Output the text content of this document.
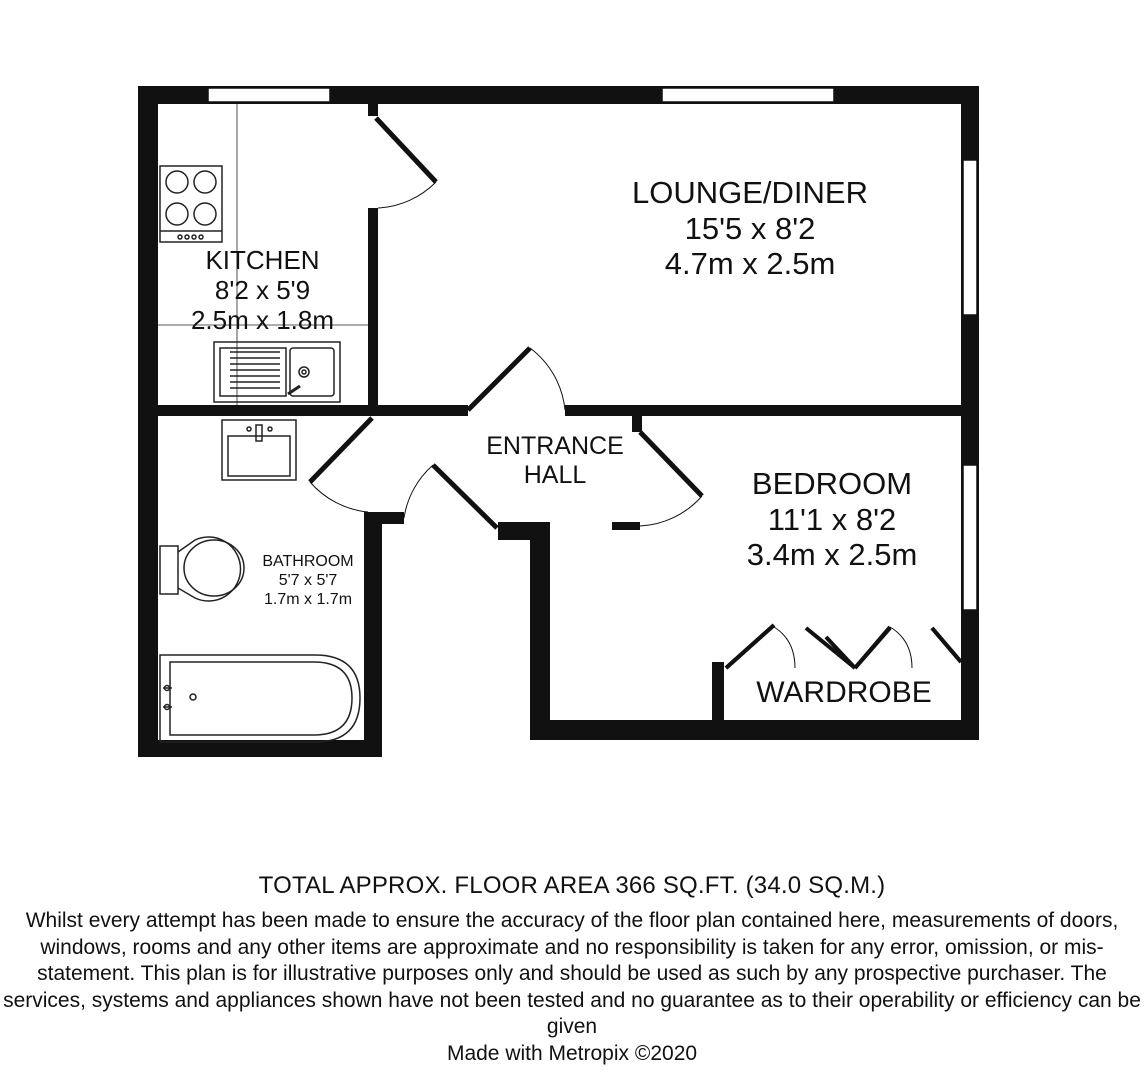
LOUNGE/DINER
15'5 x 8'2
4.7m x 2.5m
KITCHEN
8'2 x 5'9
2.5m x 1.8m
ENTRANCE
HALL	BEDROOM
11'1 x 8'2
3.4m x 2.5m
BATHROOM
5'7 x 5'7
1.7m x 1.7m
WARDROBE
TOTAL APPROX. FLOOR AREA 366 SQ.FT. (34.0 SQ.M.)
Whilst every attempt has been made to ensure the accuracy of the floor plan contained here, measurements of doors, windows, rooms and any other items are approximate and no responsibility is taken for any error, omission, or mis-statement. This plan is for illustrative purposes only and should be used as such by any prospective purchaser. The services, systems and appliances shown have not been tested and no guarantee as to their operability or efficiency can be given
Made with Metropix ©2020
